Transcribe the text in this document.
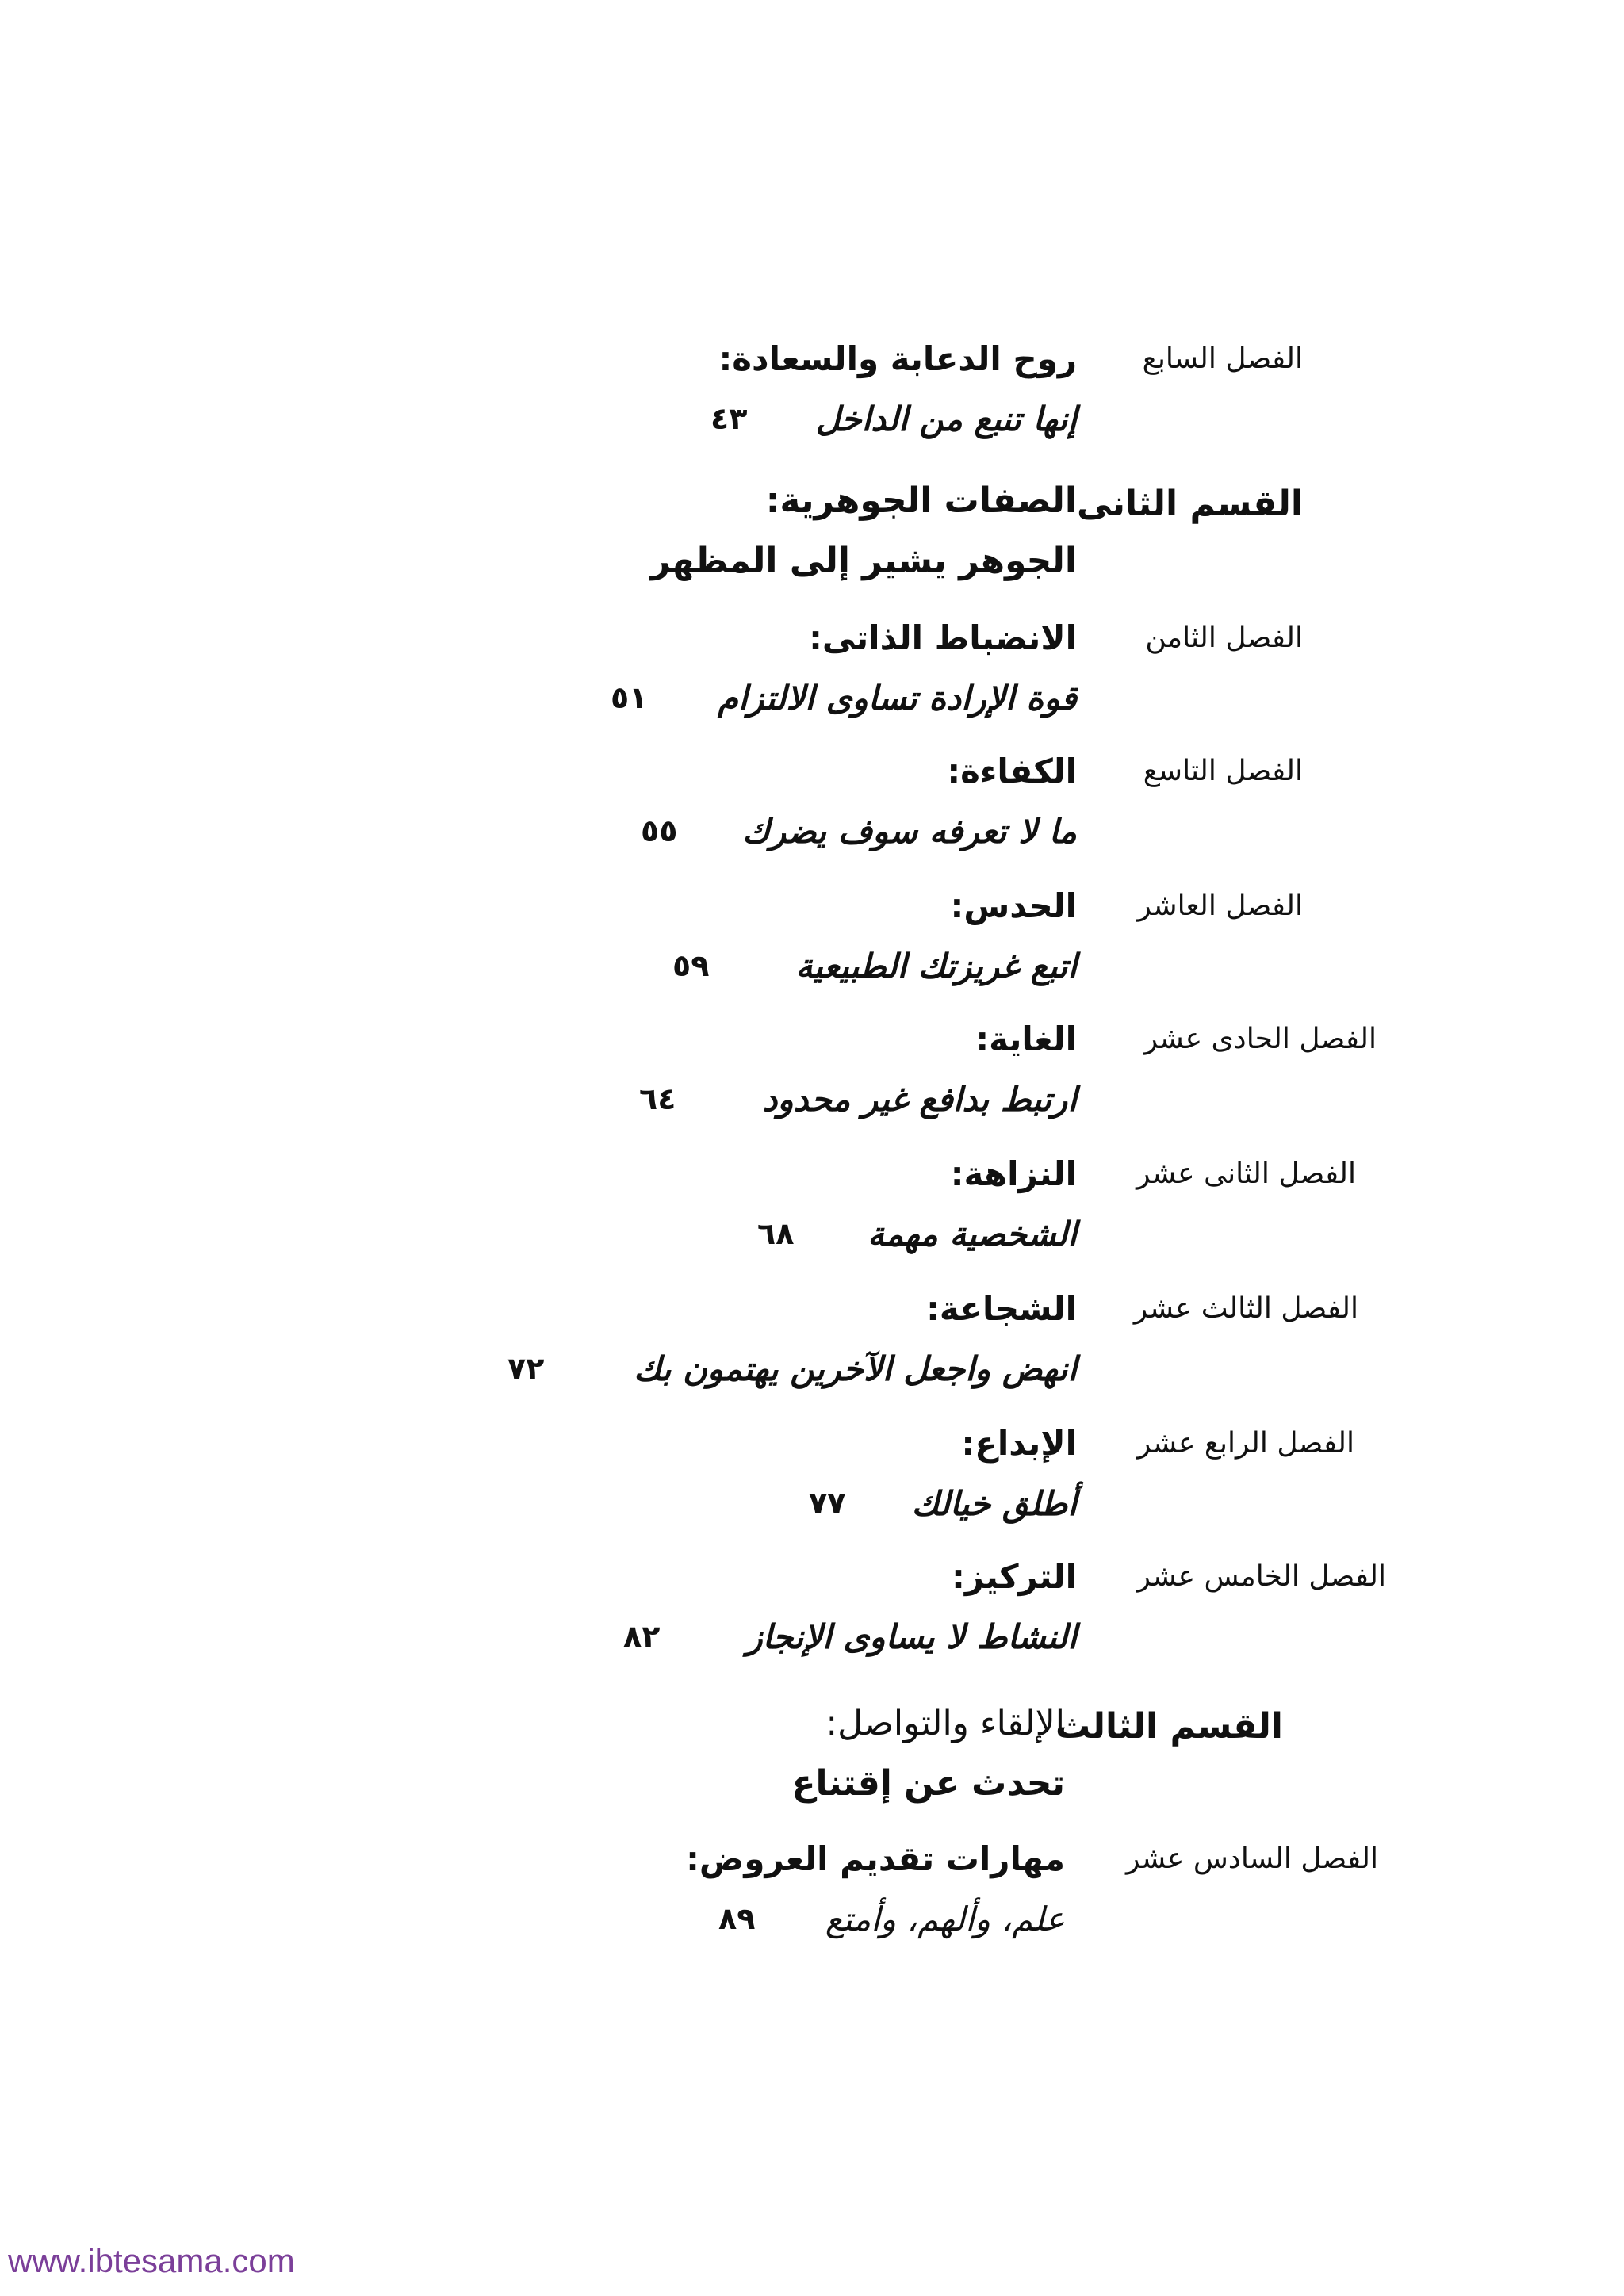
الفصل السابع
روح الدعابة والسعادة:
إنها تنبع من الداخل
٤٣
القسم الثانى
الصفات الجوهرية:
الجوهر يشير إلى المظهر
الفصل الثامن
الانضباط الذاتى:
قوة الإرادة تساوى الالتزام
٥١
الفصل التاسع
الكفاءة:
ما لا تعرفه سوف يضرك
٥٥
الفصل العاشر
الحدس:
اتبع غريزتك الطبيعية
٥٩
الفصل الحادى عشر
الغاية:
ارتبط بدافع غير محدود
٦٤
الفصل الثانى عشر
النزاهة:
الشخصية مهمة
٦٨
الفصل الثالث عشر
الشجاعة:
انهض واجعل الآخرين يهتمون بك
٧٢
الفصل الرابع عشر
الإبداع:
أطلق خيالك
٧٧
الفصل الخامس عشر
التركيز:
النشاط لا يساوى الإنجاز
٨٢
القسم الثالث
الإلقاء والتواصل:
تحدث عن إقتناع
الفصل السادس عشر
مهارات تقديم العروض:
علم، وألهم، وأمتع
٨٩
www.ibtesama.com
